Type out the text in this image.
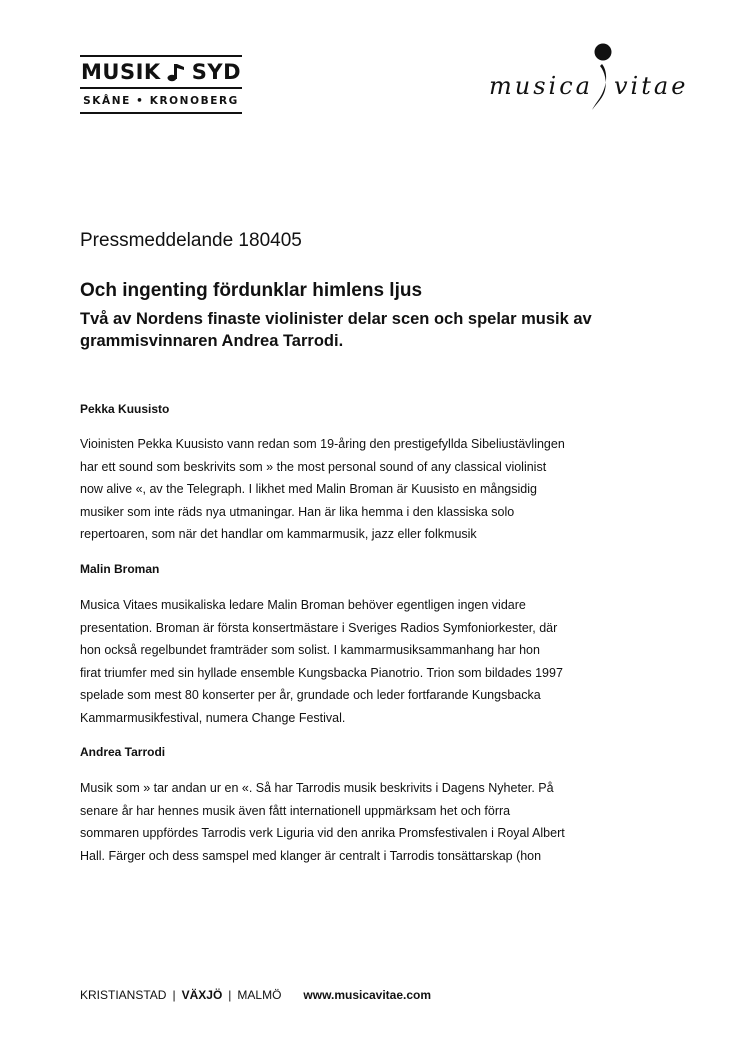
MUSIK SYD
SKÅNE • KRONOBERG
musica vitae
Pressmeddelande 180405
Och ingenting fördunklar himlens ljus
Två av Nordens finaste violinister delar scen och spelar musik av grammisvinnaren Andrea Tarrodi.
Pekka Kuusisto

Vioinisten Pekka Kuusisto vann redan som 19-åring den prestigefyllda Sibeliustävlingen

har ett sound som beskrivits som » the most personal sound of any classical violinist

now alive «, av the Telegraph. I likhet med Malin Broman är Kuusisto en mångsidig

musiker som inte räds nya utmaningar. Han är lika hemma i den klassiska solo

repertoaren, som när det handlar om kammarmusik, jazz eller folkmusik

Malin Broman

Musica Vitaes musikaliska ledare Malin Broman behöver egentligen ingen vidare

presentation. Broman är första konsertmästare i Sveriges Radios Symfoniorkester, där

hon också regelbundet framträder som solist. I kammarmusiksammanhang har hon

firat triumfer med sin hyllade ensemble Kungsbacka Pianotrio. Trion som bildades 1997

spelade som mest 80 konserter per år, grundade och leder fortfarande Kungsbacka

Kammarmusikfestival, numera Change Festival.

Andrea Tarrodi

Musik som » tar andan ur en «. Så har Tarrodis musik beskrivits i Dagens Nyheter. På

senare år har hennes musik även fått internationell uppmärksam het och förra

sommaren uppfördes Tarrodis verk Liguria vid den anrika Promsfestivalen i Royal Albert

Hall. Färger och dess samspel med klanger är centralt i Tarrodis tonsättarskap (hon

KRISTIANSTAD | VÄXJÖ | MALMÖ www.musicavitae.com
